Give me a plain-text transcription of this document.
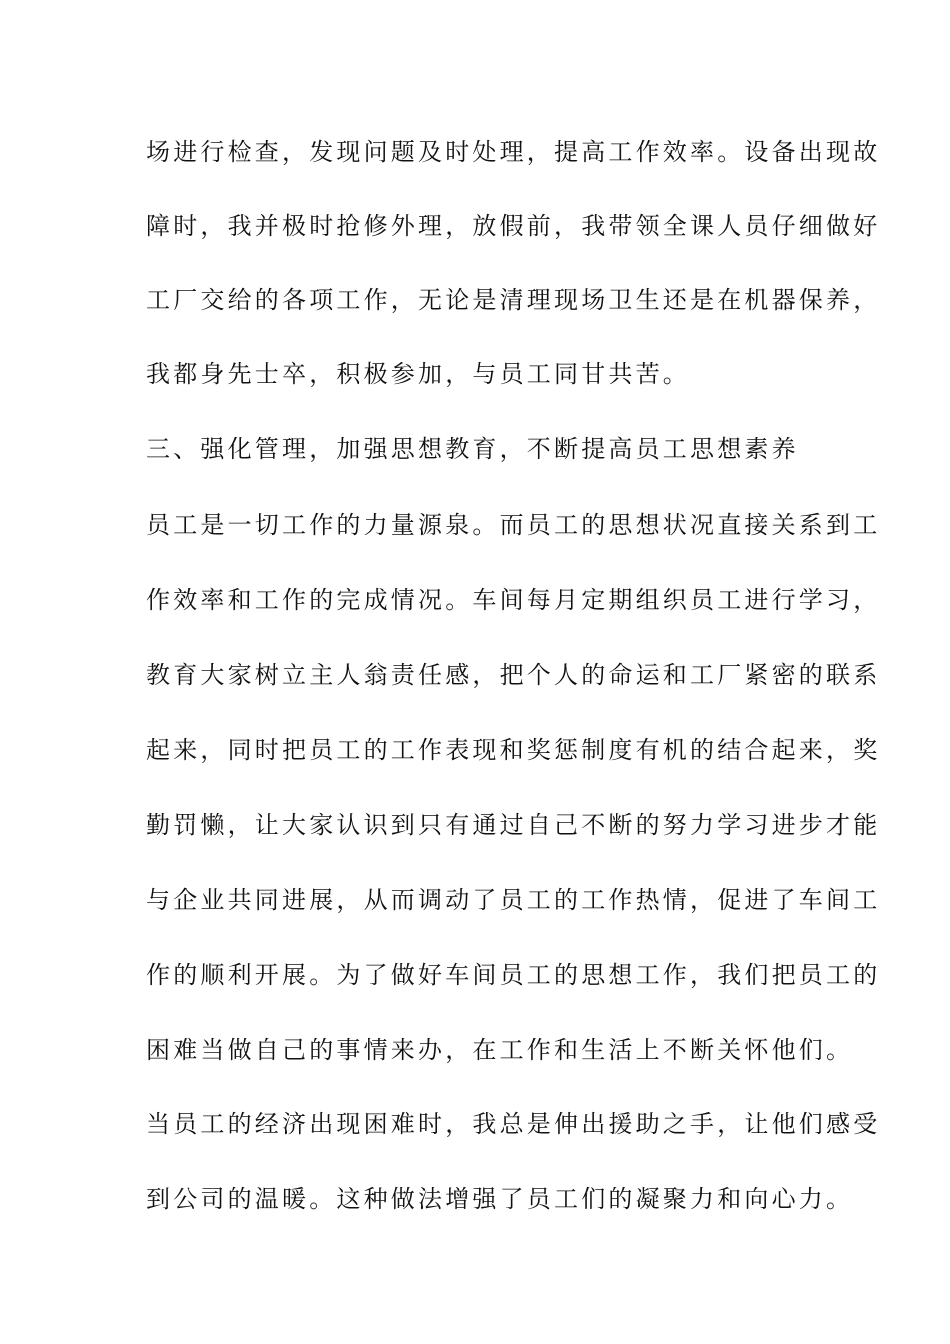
场进行检查，发现问题及时处理，提高工作效率。设备出现故
障时，我并极时抢修外理，放假前，我带领全课人员仔细做好
工厂交给的各项工作，无论是清理现场卫生还是在机器保养，
我都身先士卒，积极参加，与员工同甘共苦。
三、强化管理，加强思想教育，不断提高员工思想素养
员工是一切工作的力量源泉。而员工的思想状况直接关系到工
作效率和工作的完成情况。车间每月定期组织员工进行学习，
教育大家树立主人翁责任感，把个人的命运和工厂紧密的联系
起来，同时把员工的工作表现和奖惩制度有机的结合起来，奖
勤罚懒，让大家认识到只有通过自己不断的努力学习进步才能
与企业共同进展，从而调动了员工的工作热情，促进了车间工
作的顺利开展。为了做好车间员工的思想工作，我们把员工的
困难当做自己的事情来办，在工作和生活上不断关怀他们。
当员工的经济出现困难时，我总是伸出援助之手，让他们感受
到公司的温暖。这种做法增强了员工们的凝聚力和向心力。
